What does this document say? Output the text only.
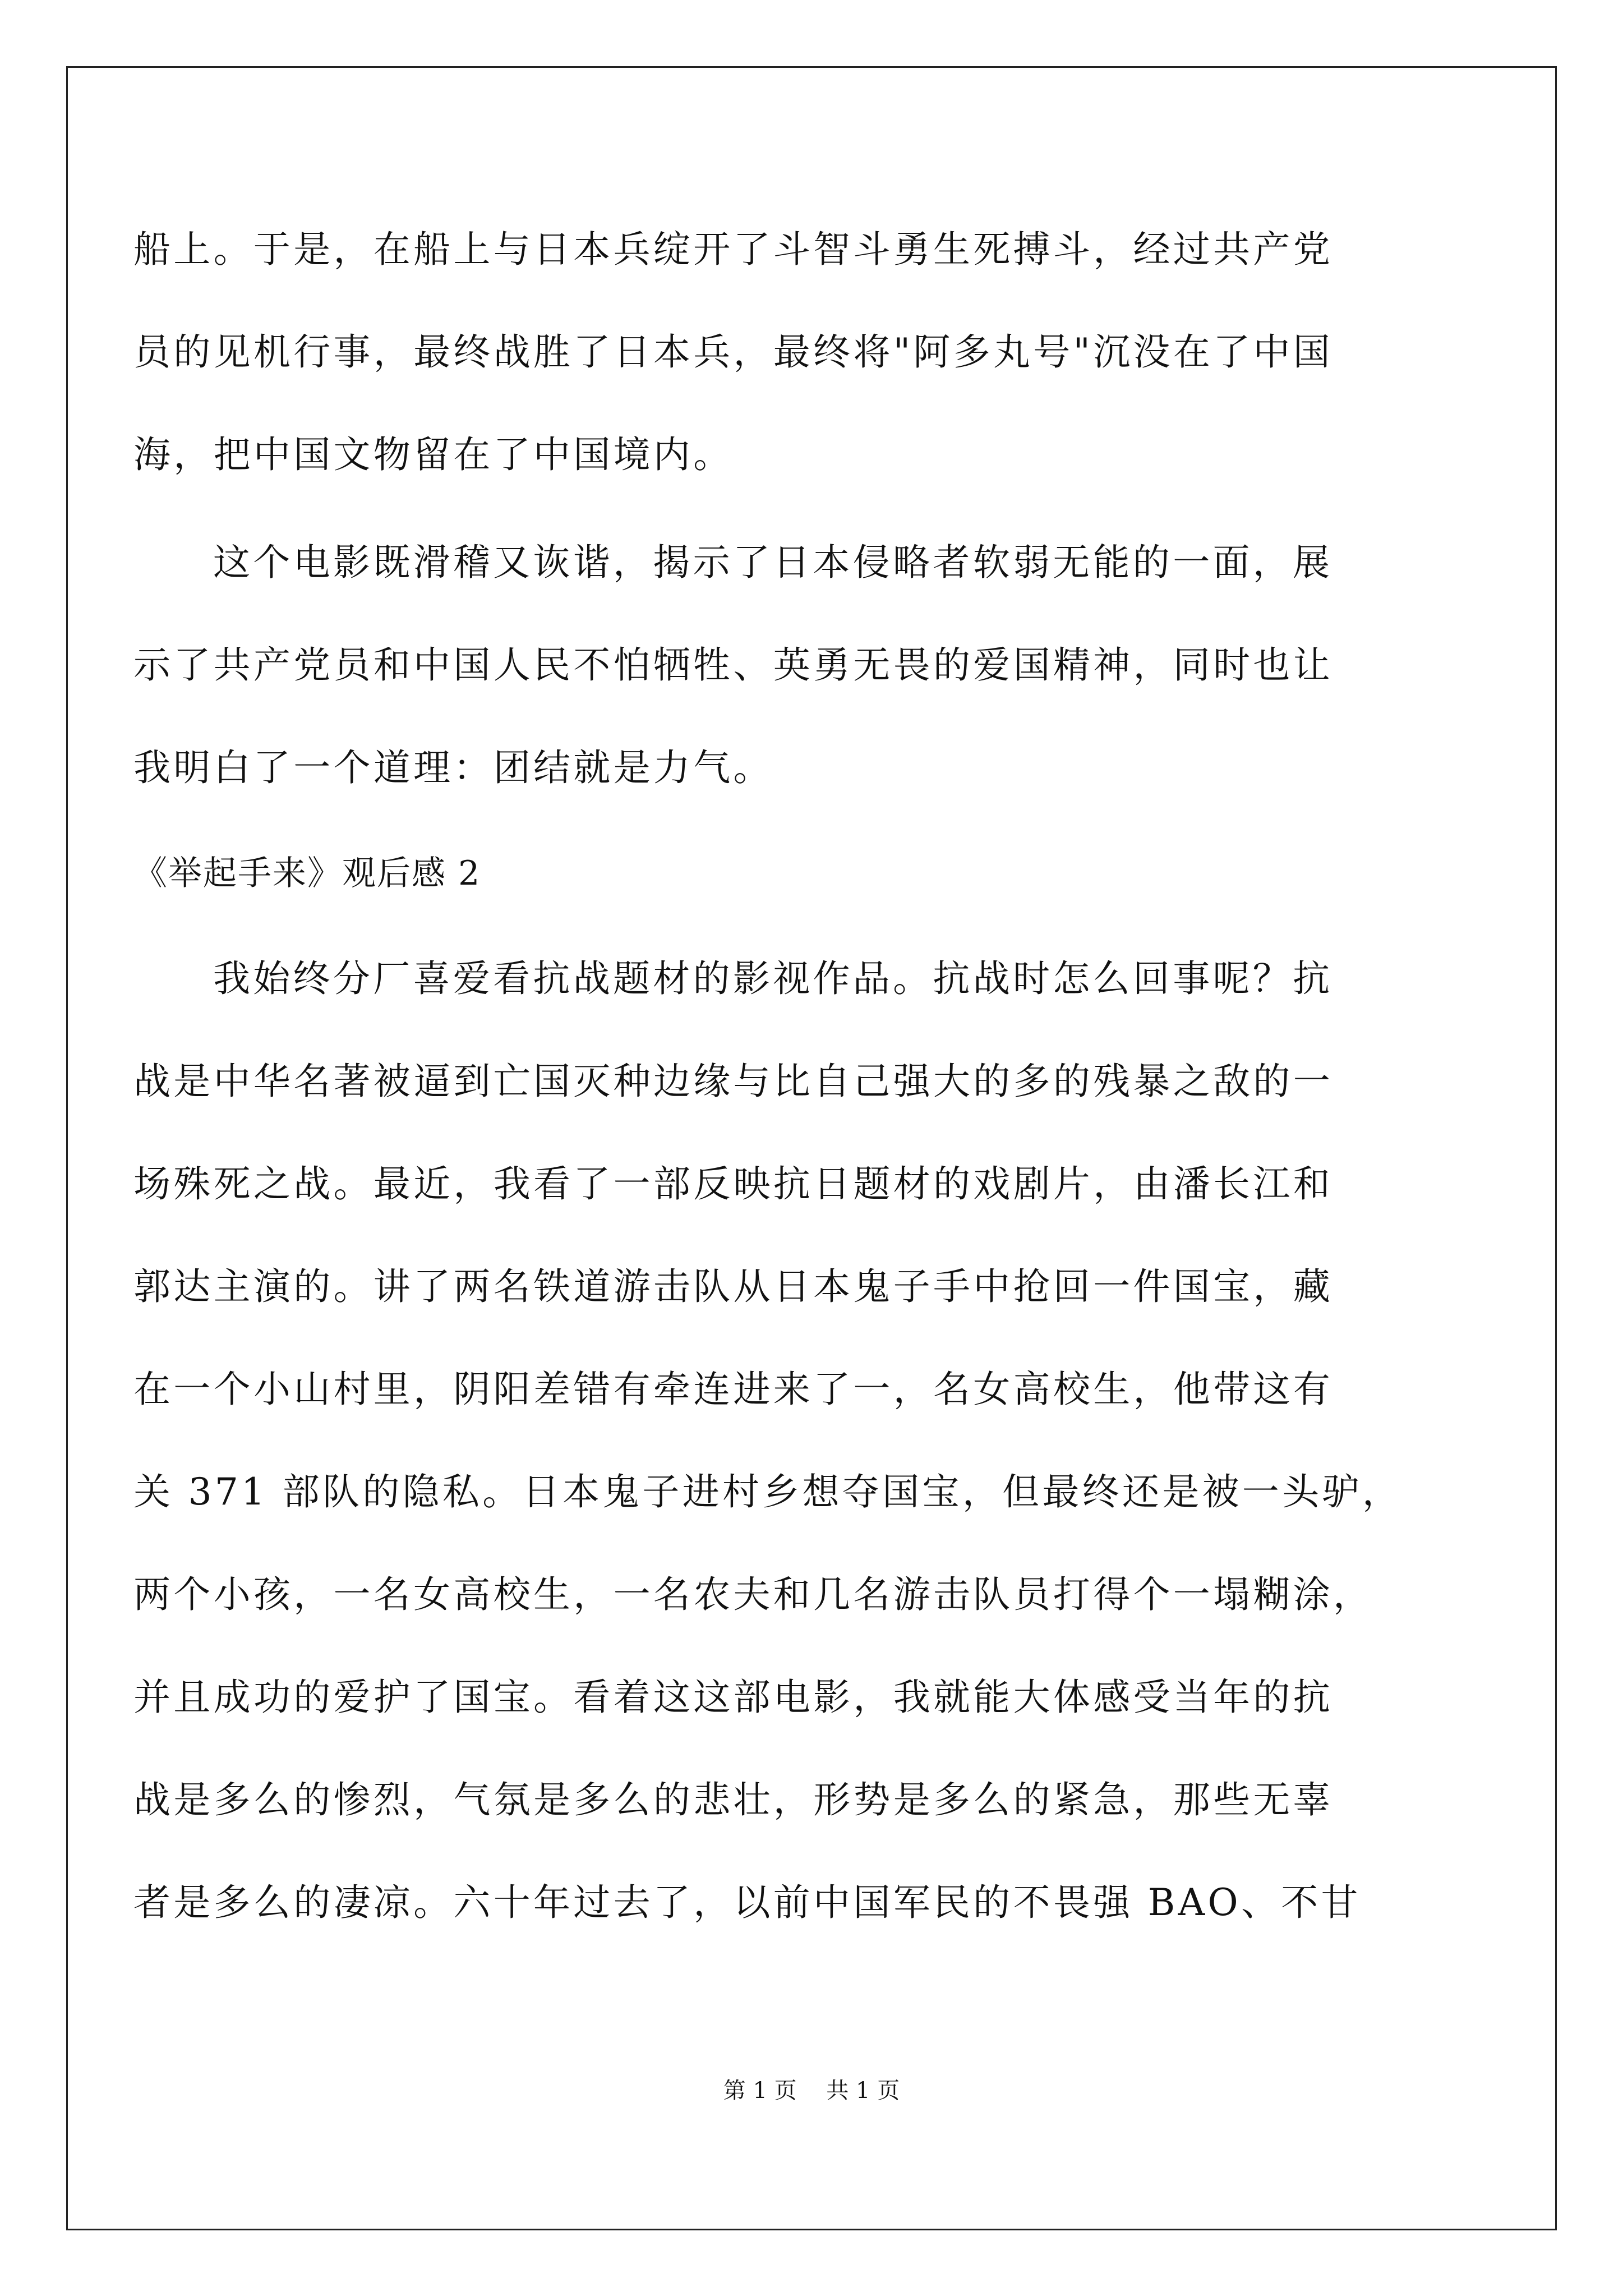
船上。于是，在船上与日本兵绽开了斗智斗勇生死搏斗，经过共产党
员的见机行事，最终战胜了日本兵，最终将"阿多丸号"沉没在了中国
海，把中国文物留在了中国境内。
这个电影既滑稽又诙谐，揭示了日本侵略者软弱无能的一面，展
示了共产党员和中国人民不怕牺牲、英勇无畏的爱国精神，同时也让
我明白了一个道理：团结就是力气。
《举起手来》观后感 2
我始终分厂喜爱看抗战题材的影视作品。抗战时怎么回事呢？抗
战是中华名著被逼到亡国灭种边缘与比自己强大的多的残暴之敌的一
场殊死之战。最近，我看了一部反映抗日题材的戏剧片，由潘长江和
郭达主演的。讲了两名铁道游击队从日本鬼子手中抢回一件国宝，藏
在一个小山村里，阴阳差错有牵连进来了一，名女高校生，他带这有
关 371 部队的隐私。日本鬼子进村乡想夺国宝，但最终还是被一头驴，
两个小孩，一名女高校生，一名农夫和几名游击队员打得个一塌糊涂，
并且成功的爱护了国宝。看着这这部电影，我就能大体感受当年的抗
战是多么的惨烈，气氛是多么的悲壮，形势是多么的紧急，那些无辜
者是多么的凄凉。六十年过去了，以前中国军民的不畏强 BAO、不甘
第 1 页　 共 1 页
